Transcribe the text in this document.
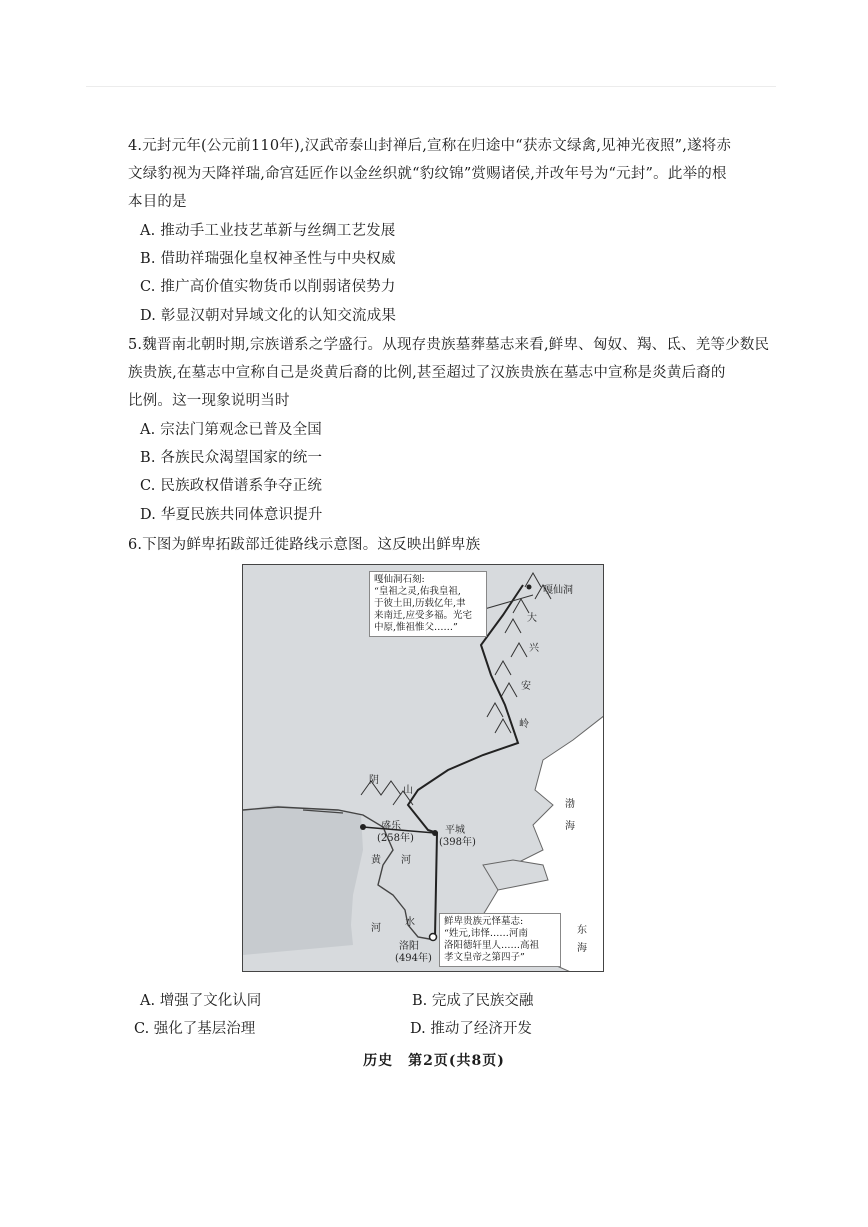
4.元封元年(公元前110年),汉武帝泰山封禅后,宣称在归途中“获赤文绿禽,见神光夜照”,遂将赤
文绿豹视为天降祥瑞,命宫廷匠作以金丝织就“豹纹锦”赏赐诸侯,并改年号为“元封”。此举的根
本目的是
A. 推动手工业技艺革新与丝绸工艺发展
B. 借助祥瑞强化皇权神圣性与中央权威
C. 推广高价值实物货币以削弱诸侯势力
D. 彰显汉朝对异域文化的认知交流成果
5.魏晋南北朝时期,宗族谱系之学盛行。从现存贵族墓葬墓志来看,鲜卑、匈奴、羯、氐、羌等少数民
族贵族,在墓志中宣称自己是炎黄后裔的比例,甚至超过了汉族贵族在墓志中宣称是炎黄后裔的
比例。这一现象说明当时
A. 宗法门第观念已普及全国
B. 各族民众渴望国家的统一
C. 民族政权借谱系争夺正统
D. 华夏民族共同体意识提升
6.下图为鲜卑拓跋部迁徙路线示意图。这反映出鲜卑族
嘎仙洞石刻:
“皇祖之灵,佑我皇祖,
于彼土田,历载亿年,聿
来南迁,应受多福。光宅
中原,惟祖惟父……”
鲜卑贵族元怿墓志:
“姓元,讳怿……河南
洛阳德轩里人……高祖
孝文皇帝之第四子”
嘎仙洞
大
兴
安
岭
阴
山
盛乐
(258年)
平城
(398年)
黄 河
河
水
洛阳
(494年)
渤
海
东
海
A. 增强了文化认同	B. 完成了民族交融
C. 强化了基层治理	D. 推动了经济开发
历史　第2页(共8页)
